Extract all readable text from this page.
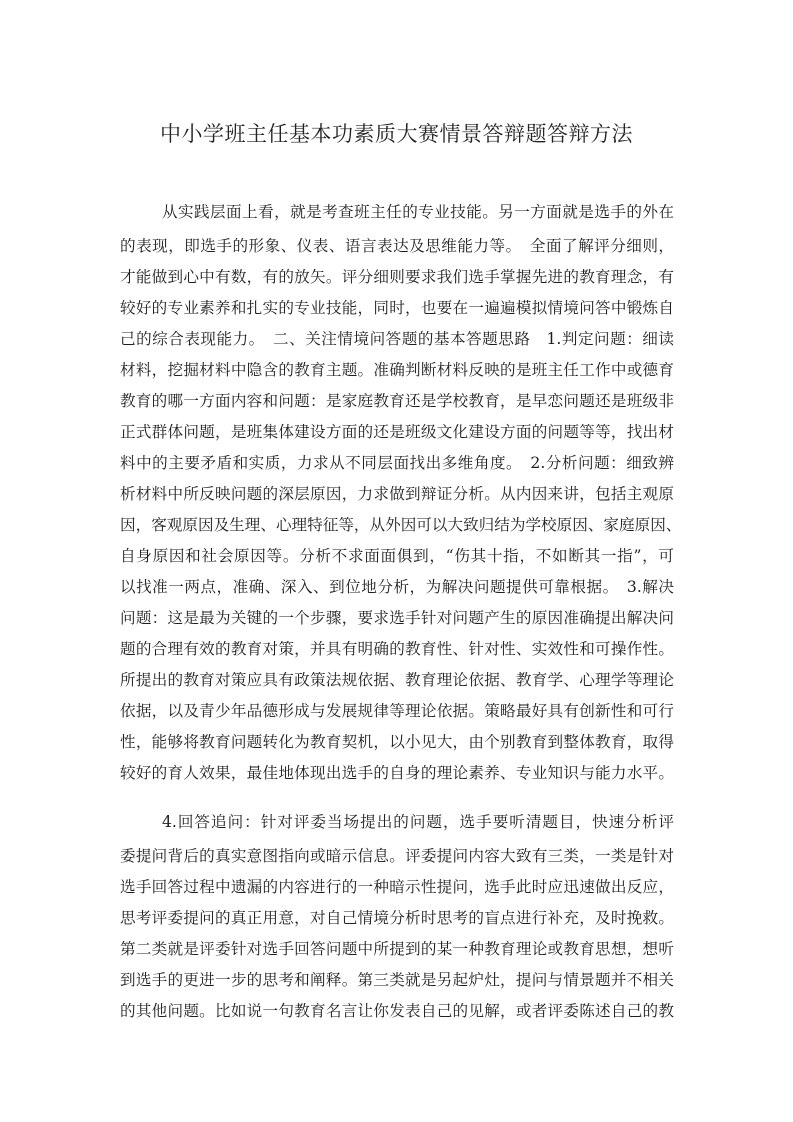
中小学班主任基本功素质大赛情景答辩题答辩方法
从实践层面上看，就是考查班主任的专业技能。另一方面就是选手的外在
的表现，即选手的形象、仪表、语言表达及思维能力等。　全面了解评分细则，
才能做到心中有数，有的放矢。评分细则要求我们选手掌握先进的教育理念，有
较好的专业素养和扎实的专业技能，同时，也要在一遍遍模拟情境问答中锻炼自
己的综合表现能力。　二、关注情境问答题的基本答题思路　1.判定问题：细读
材料，挖掘材料中隐含的教育主题。准确判断材料反映的是班主任工作中或德育
教育的哪一方面内容和问题：是家庭教育还是学校教育，是早恋问题还是班级非
正式群体问题，是班集体建设方面的还是班级文化建设方面的问题等等，找出材
料中的主要矛盾和实质，力求从不同层面找出多维角度。　2.分析问题：细致辨
析材料中所反映问题的深层原因，力求做到辩证分析。从内因来讲，包括主观原
因，客观原因及生理、心理特征等，从外因可以大致归结为学校原因、家庭原因、
自身原因和社会原因等。分析不求面面俱到，“伤其十指，不如断其一指”，可
以找准一两点，准确、深入、到位地分析，为解决问题提供可靠根据。　3.解决
问题：这是最为关键的一个步骤，要求选手针对问题产生的原因准确提出解决问
题的合理有效的教育对策，并具有明确的教育性、针对性、实效性和可操作性。
所提出的教育对策应具有政策法规依据、教育理论依据、教育学、心理学等理论
依据，以及青少年品德形成与发展规律等理论依据。策略最好具有创新性和可行
性，能够将教育问题转化为教育契机，以小见大，由个别教育到整体教育，取得
较好的育人效果，最佳地体现出选手的自身的理论素养、专业知识与能力水平。
4.回答追问：针对评委当场提出的问题，选手要听清题目，快速分析评
委提问背后的真实意图指向或暗示信息。评委提问内容大致有三类，一类是针对
选手回答过程中遗漏的内容进行的一种暗示性提问，选手此时应迅速做出反应，
思考评委提问的真正用意，对自己情境分析时思考的盲点进行补充，及时挽救。
第二类就是评委针对选手回答问题中所提到的某一种教育理论或教育思想，想听
到选手的更进一步的思考和阐释。第三类就是另起炉灶，提问与情景题并不相关
的其他问题。比如说一句教育名言让你发表自己的见解，或者评委陈述自己的教
